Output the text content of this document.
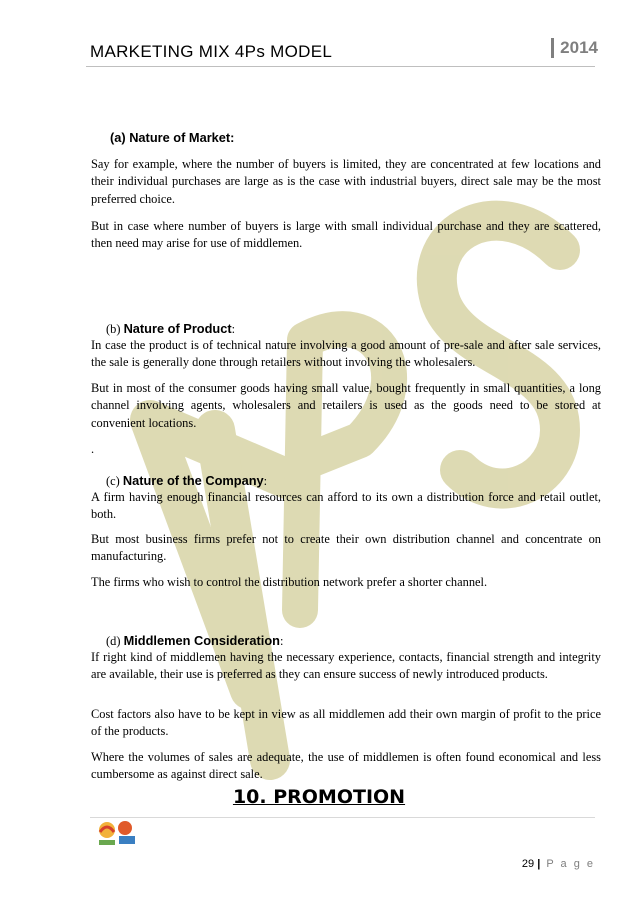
MARKETING MIX 4Ps MODEL	2014
(a) Nature of Market:
Say for example, where the number of buyers is limited, they are concentrated at few locations and their individual purchases are large as is the case with industrial buyers, direct sale may be the most preferred choice.
But in case where number of buyers is large with small individual purchase and they are scattered, then need may arise for use of middlemen.
(b) Nature of Product:
In case the product is of technical nature involving a good amount of pre-sale and after sale services, the sale is generally done through retailers without involving the wholesalers.
But in most of the consumer goods having small value, bought frequently in small quantities, a long channel involving agents, wholesalers and retailers is used as the goods need to be stored at convenient locations.
.
(c) Nature of the Company:
A firm having enough financial resources can afford to its own a distribution force and retail outlet, both.
But most business firms prefer not to create their own distribution channel and concentrate on manufacturing.
The firms who wish to control the distribution network prefer a shorter channel.
(d) Middlemen Consideration:
If right kind of middlemen having the necessary experience, contacts, financial strength and integrity are available, their use is preferred as they can ensure success of newly introduced products.
Cost factors also have to be kept in view as all middlemen add their own margin of profit to the price of the products.
Where the volumes of sales are adequate, the use of middlemen is often found economical and less cumbersome as against direct sale.
10. PROMOTION
29 | P a g e
